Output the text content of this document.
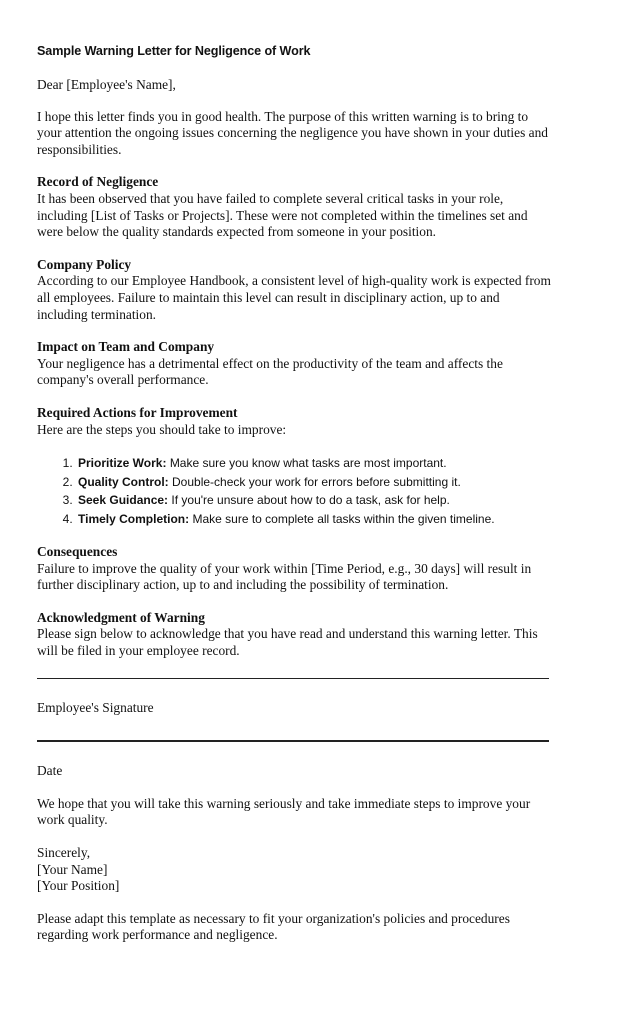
Sample Warning Letter for Negligence of Work

Dear [Employee's Name],

I hope this letter finds you in good health. The purpose of this written warning is to bring to your attention the ongoing issues concerning the negligence you have shown in your duties and responsibilities.

Record of Negligence

It has been observed that you have failed to complete several critical tasks in your role, including [List of Tasks or Projects]. These were not completed within the timelines set and were below the quality standards expected from someone in your position.

Company Policy

According to our Employee Handbook, a consistent level of high-quality work is expected from all employees. Failure to maintain this level can result in disciplinary action, up to and including termination.

Impact on Team and Company

Your negligence has a detrimental effect on the productivity of the team and affects the company's overall performance.

Required Actions for Improvement

Here are the steps you should take to improve:

1. Prioritize Work: Make sure you know what tasks are most important.
2. Quality Control: Double-check your work for errors before submitting it.
3. Seek Guidance: If you're unsure about how to do a task, ask for help.
4. Timely Completion: Make sure to complete all tasks within the given timeline.
Consequences

Failure to improve the quality of your work within [Time Period, e.g., 30 days] will result in further disciplinary action, up to and including the possibility of termination.

Acknowledgment of Warning

Please sign below to acknowledge that you have read and understand this warning letter. This will be filed in your employee record.

Employee's Signature

Date

We hope that you will take this warning seriously and take immediate steps to improve your work quality.

Sincerely,

[Your Name]

[Your Position]

Please adapt this template as necessary to fit your organization's policies and procedures regarding work performance and negligence.
